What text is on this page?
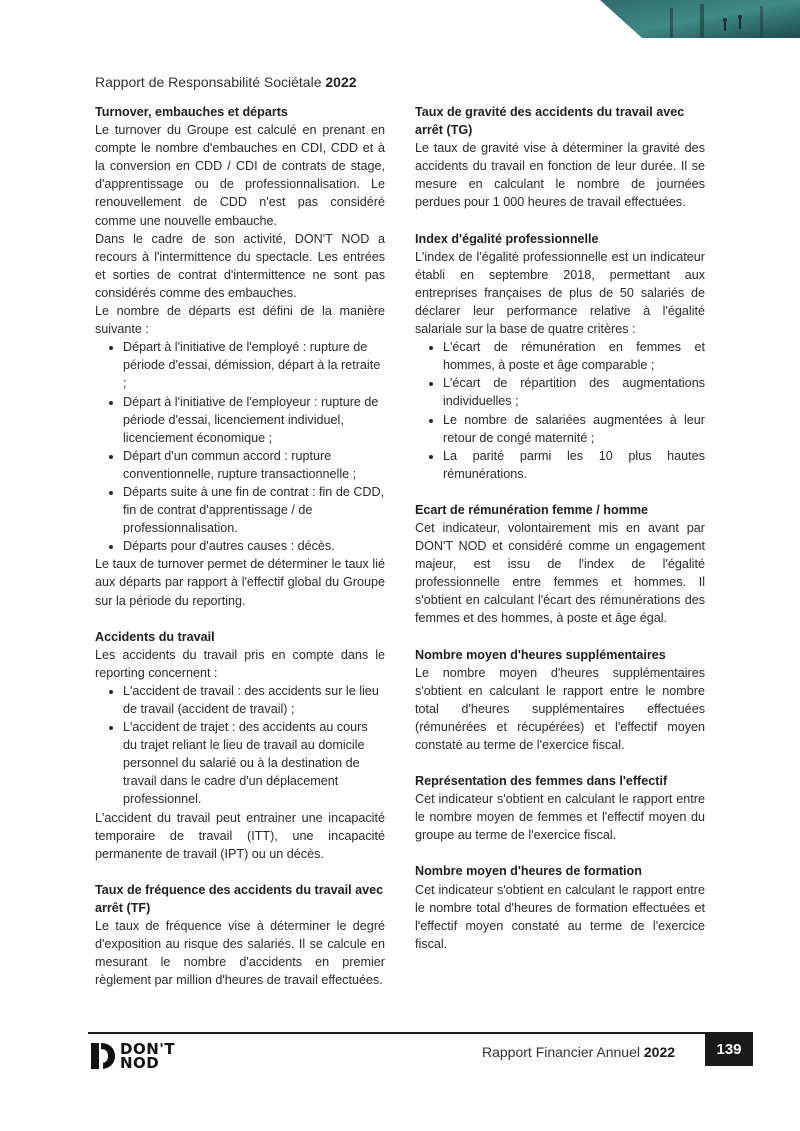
Rapport de Responsabilité Sociétale 2022
Turnover, embauches et départs

Le turnover du Groupe est calculé en prenant en compte le nombre d'embauches en CDI, CDD et à la conversion en CDD / CDI de contrats de stage, d'apprentissage ou de professionnalisation. Le renouvellement de CDD n'est pas considéré comme une nouvelle embauche.

Dans le cadre de son activité, DON'T NOD a recours à l'intermittence du spectacle. Les entrées et sorties de contrat d'intermittence ne sont pas considérés comme des embauches.

Le nombre de départs est défini de la manière suivante :

• Départ à l'initiative de l'employé : rupture de période d'essai, démission, départ à la retraite ;
• Départ à l'initiative de l'employeur : rupture de période d'essai, licenciement individuel, licenciement économique ;
• Départ d'un commun accord : rupture conventionnelle, rupture transactionnelle ;
• Départs suite à une fin de contrat : fin de CDD, fin de contrat d'apprentissage / de professionnalisation.
• Départs pour d'autres causes : décès.

Le taux de turnover permet de déterminer le taux lié aux départs par rapport à l'effectif global du Groupe sur la période du reporting.

Accidents du travail

Les accidents du travail pris en compte dans le reporting concernent :

• L'accident de travail : des accidents sur le lieu de travail (accident de travail) ;
• L'accident de trajet : des accidents au cours du trajet reliant le lieu de travail au domicile personnel du salarié ou à la destination de travail dans le cadre d'un déplacement professionnel.

L'accident du travail peut entrainer une incapacité temporaire de travail (ITT), une incapacité permanente de travail (IPT) ou un décès.

Taux de fréquence des accidents du travail avec arrêt (TF)

Le taux de fréquence vise à déterminer le degré d'exposition au risque des salariés. Il se calcule en mesurant le nombre d'accidents en premier règlement par million d'heures de travail effectuées.

Taux de gravité des accidents du travail avec arrêt (TG)

Le taux de gravité vise à déterminer la gravité des accidents du travail en fonction de leur durée. Il se mesure en calculant le nombre de journées perdues pour 1 000 heures de travail effectuées.

Index d'égalité professionnelle

L'index de l'égalité professionnelle est un indicateur établi en septembre 2018, permettant aux entreprises françaises de plus de 50 salariés de déclarer leur performance relative à l'égalité salariale sur la base de quatre critères :

• L'écart de rémunération en femmes et hommes, à poste et âge comparable ;
• L'écart de répartition des augmentations individuelles ;
• Le nombre de salariées augmentées à leur retour de congé maternité ;
• La parité parmi les 10 plus hautes rémunérations.
Ecart de rémunération femme / homme

Cet indicateur, volontairement mis en avant par DON'T NOD et considéré comme un engagement majeur, est issu de l'index de l'égalité professionnelle entre femmes et hommes. Il s'obtient en calculant l'écart des rémunérations des femmes et des hommes, à poste et âge égal.

Nombre moyen d'heures supplémentaires

Le nombre moyen d'heures supplémentaires s'obtient en calculant le rapport entre le nombre total d'heures supplémentaires effectuées (rémunérées et récupérées) et l'effectif moyen constaté au terme de l'exercice fiscal.

Représentation des femmes dans l'effectif

Cet indicateur s'obtient en calculant le rapport entre le nombre moyen de femmes et l'effectif moyen du groupe au terme de l'exercice fiscal.

Nombre moyen d'heures de formation

Cet indicateur s'obtient en calculant le rapport entre le nombre total d'heures de formation effectuées et l'effectif moyen constaté au terme de l'exercice fiscal.

DON'T
NOD
Rapport Financier Annuel 2022	139
